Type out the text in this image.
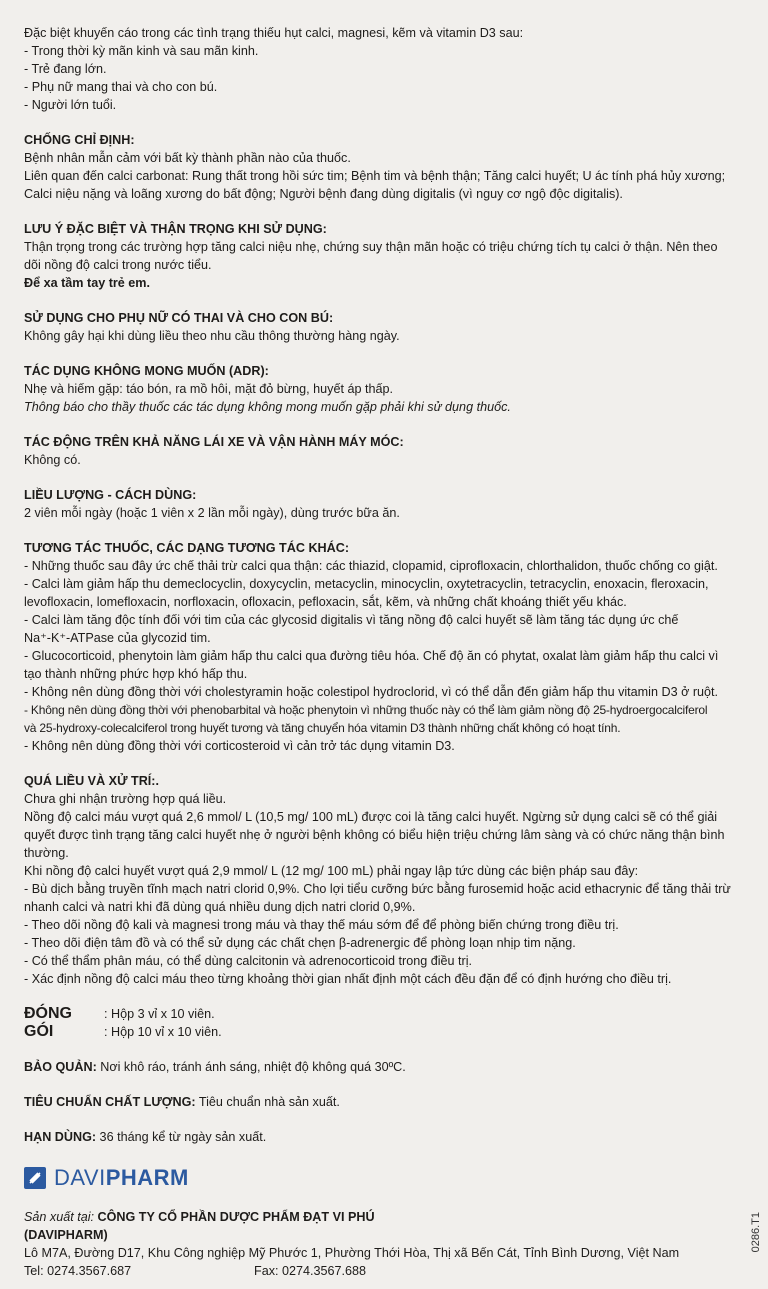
Đặc biệt khuyến cáo trong các tình trạng thiếu hụt calci, magnesi, kẽm và vitamin D3 sau:

- Trong thời kỳ mãn kinh và sau mãn kinh.

- Trẻ đang lớn.

- Phụ nữ mang thai và cho con bú.

- Người lớn tuổi.

CHỐNG CHỈ ĐỊNH:

Bệnh nhân mẫn cảm với bất kỳ thành phần nào của thuốc.

Liên quan đến calci carbonat: Rung thất trong hồi sức tim; Bệnh tim và bệnh thận; Tăng calci huyết; U ác tính phá hủy xương;

Calci niệu nặng và loãng xương do bất động; Người bệnh đang dùng digitalis (vì nguy cơ ngộ độc digitalis).

LƯU Ý ĐẶC BIỆT VÀ THẬN TRỌNG KHI SỬ DỤNG:

Thận trọng trong các trường hợp tăng calci niệu nhẹ, chứng suy thận mãn hoặc có triệu chứng tích tụ calci ở thận. Nên theo

dõi nồng độ calci trong nước tiểu.

Để xa tầm tay trẻ em.

SỬ DỤNG CHO PHỤ NỮ CÓ THAI VÀ CHO CON BÚ:

Không gây hại khi dùng liều theo nhu cầu thông thường hàng ngày.

TÁC DỤNG KHÔNG MONG MUỐN (ADR):

Nhẹ và hiếm gặp: táo bón, ra mồ hôi, mặt đỏ bừng, huyết áp thấp.

Thông báo cho thầy thuốc các tác dụng không mong muốn gặp phải khi sử dụng thuốc.

TÁC ĐỘNG TRÊN KHẢ NĂNG LÁI XE VÀ VẬN HÀNH MÁY MÓC:

Không có.

LIỀU LƯỢNG - CÁCH DÙNG:

2 viên mỗi ngày (hoặc 1 viên x 2 lần mỗi ngày), dùng trước bữa ăn.

TƯƠNG TÁC THUỐC, CÁC DẠNG TƯƠNG TÁC KHÁC:

- Những thuốc sau đây ức chế thải trừ calci qua thận: các thiazid, clopamid, ciprofloxacin, chlorthalidon, thuốc chống co giật.

- Calci làm giảm hấp thu demeclocyclin, doxycyclin, metacyclin, minocyclin, oxytetracyclin, tetracyclin, enoxacin, fleroxacin,

levofloxacin, lomefloxacin, norfloxacin, ofloxacin, pefloxacin, sắt, kẽm, và những chất khoáng thiết yếu khác.

- Calci làm tăng độc tính đối với tim của các glycosid digitalis vì tăng nồng độ calci huyết sẽ làm tăng tác dụng ức chế

Na⁺-K⁺-ATPase của glycozid tim.

- Glucocorticoid, phenytoin làm giảm hấp thu calci qua đường tiêu hóa. Chế độ ăn có phytat, oxalat làm giảm hấp thu calci vì

tạo thành những phức hợp khó hấp thu.

- Không nên dùng đồng thời với cholestyramin hoặc colestipol hydroclorid, vì có thể dẫn đến giảm hấp thu vitamin D3 ở ruột.

- Không nên dùng đồng thời với phenobarbital và hoặc phenytoin vì những thuốc này có thể làm giảm nồng độ 25-hydroergocalciferol

và 25-hydroxy-colecalciferol trong huyết tương và tăng chuyển hóa vitamin D3 thành những chất không có hoạt tính.

- Không nên dùng đồng thời với corticosteroid vì cản trở tác dụng vitamin D3.

QUÁ LIỀU VÀ XỬ TRÍ:.

Chưa ghi nhận trường hợp quá liều.

Nồng độ calci máu vượt quá 2,6 mmol/ L (10,5 mg/ 100 mL) được coi là tăng calci huyết. Ngừng sử dụng calci sẽ có thể giải

quyết được tình trạng tăng calci huyết nhẹ ở người bệnh không có biểu hiện triệu chứng lâm sàng và có chức năng thận bình

thường.

Khi nồng độ calci huyết vượt quá 2,9 mmol/ L (12 mg/ 100 mL) phải ngay lập tức dùng các biện pháp sau đây:

- Bù dịch bằng truyền tĩnh mạch natri clorid 0,9%. Cho lợi tiểu cưỡng bức bằng furosemid hoặc acid ethacrynic để tăng thải trừ

nhanh calci và natri khi đã dùng quá nhiều dung dịch natri clorid 0,9%.

- Theo dõi nồng độ kali và magnesi trong máu và thay thế máu sớm để để phòng biến chứng trong điều trị.

- Theo dõi điện tâm đồ và có thể sử dụng các chất chẹn β-adrenergic để phòng loạn nhịp tim nặng.

- Có thể thẩm phân máu, có thể dùng calcitonin và adrenocorticoid trong điều trị.

- Xác định nồng độ calci máu theo từng khoảng thời gian nhất định một cách đều đặn để có định hướng cho điều trị.

ĐÓNG GÓI

: Hộp 3 vỉ x 10 viên.

: Hộp 10 vỉ x 10 viên.

BẢO QUẢN: Nơi khô ráo, tránh ánh sáng, nhiệt độ không quá 30ºC.

TIÊU CHUẨN CHẤT LƯỢNG: Tiêu chuẩn nhà sản xuất.

HẠN DÙNG: 36 tháng kể từ ngày sản xuất.

DAVIPHARM

Sản xuất tại: CÔNG TY CỔ PHẦN DƯỢC PHẨM ĐẠT VI PHÚ

(DAVIPHARM)

Lô M7A, Đường D17, Khu Công nghiệp Mỹ Phước 1, Phường Thới Hòa, Thị xã Bến Cát, Tỉnh Bình Dương, Việt Nam

Tel: 0274.3567.687	Fax: 0274.3567.688
0286.T1
